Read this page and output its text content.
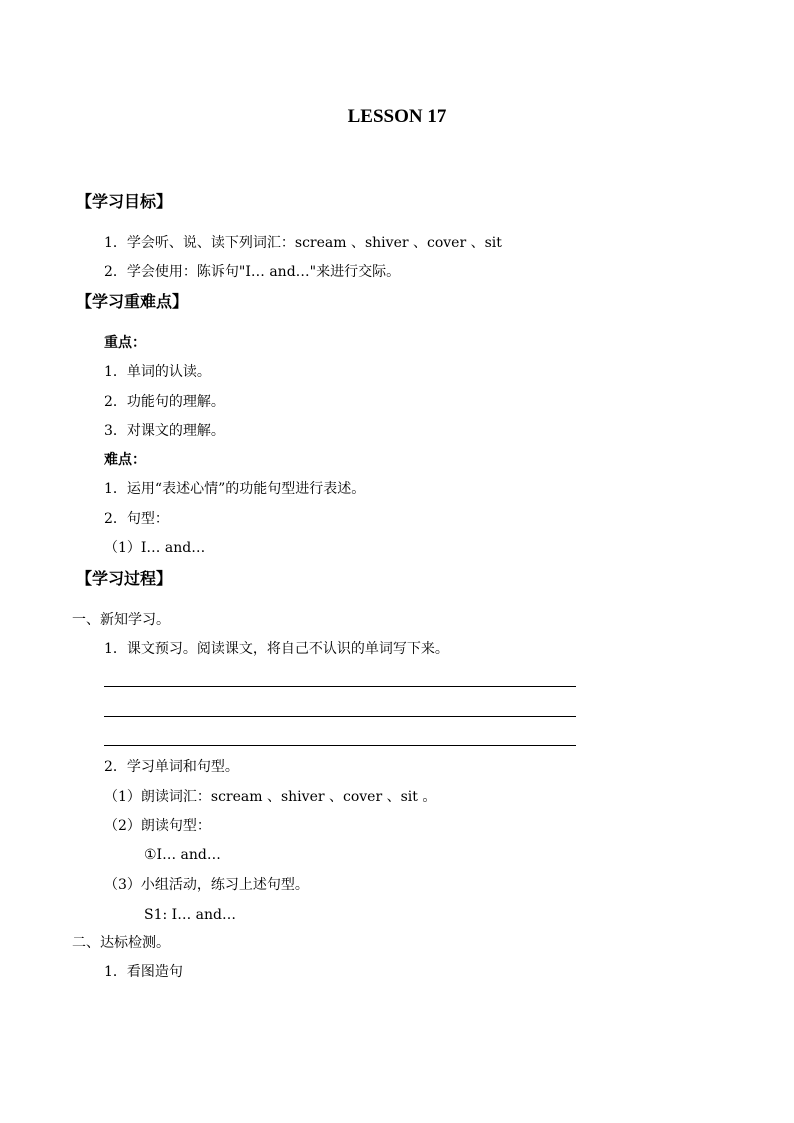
LESSON 17
【学习目标】
1．学会听、说、读下列词汇：scream 、shiver 、cover 、sit
2．学会使用：陈诉句"I… and…"来进行交际。
【学习重难点】
重点：
1．单词的认读。
2．功能句的理解。
3．对课文的理解。
难点：
1．运用“表述心情”的功能句型进行表述。
2．句型：
（1）I… and…
【学习过程】
一、新知学习。
1．课文预习。阅读课文，将自己不认识的单词写下来。
2．学习单词和句型。
（1）朗读词汇：scream 、shiver 、cover 、sit 。
（2）朗读句型：
①I… and…
（3）小组活动，练习上述句型。
S1: I… and…
二、达标检测。
1．看图造句
